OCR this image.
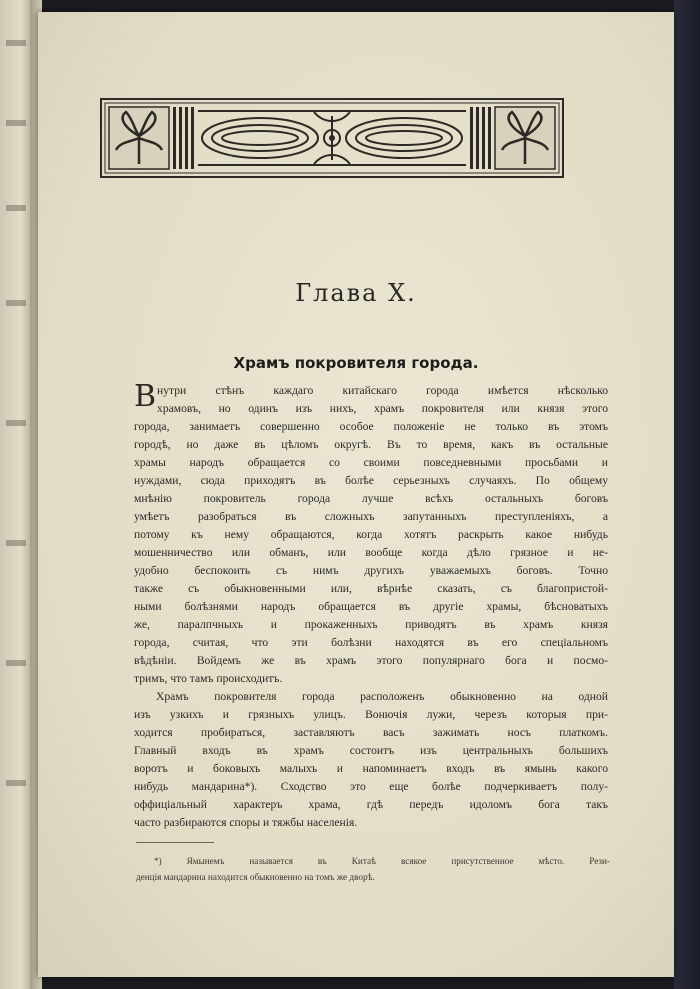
Глава X.
Храмъ покровителя города.
В нутри стѣнъ каждаго китайскаго города имѣется нѣсколько
храмовъ, но одинъ изъ нихъ, храмъ покровителя или князя этого
города, занимаетъ совершенно особое положеніе не только въ этомъ
городѣ, но даже въ цѣломъ округѣ. Въ то время, какъ въ остальные
храмы народъ обращается со своими повседневными просьбами и
нуждами, сюда приходятъ въ болѣе серьезныхъ случаяхъ. По общему
мнѣнію покровитель города лучше всѣхъ остальныхъ боговъ
умѣетъ разобраться въ сложныхъ запутанныхъ преступленіяхъ, а
потому къ нему обращаются, когда хотятъ раскрыть какое нибудь
мошенничество или обманъ, или вообще когда дѣло грязное и не-
удобно беспокоить съ нимъ другихъ уважаемыхъ боговъ. Точно
также съ обыкновенными или, вѣрнѣе сказать, съ благопристой-
ными болѣзнями народъ обращается въ другіе храмы, бѣсноватыхъ
же, паралпчныхъ и прокаженныхъ приводятъ въ храмъ князя
города, считая, что эти болѣзни находятся въ его спеціальномъ
вѣдѣніи. Войдемъ же въ храмъ этого популярнаго бога и посмо-
тримъ, что тамъ происходитъ.
Храмъ покровителя города расположенъ обыкновенно на одной
изъ узкихъ и грязныхъ улицъ. Вонючія лужи, черезъ которыя при-
ходится пробираться, заставляютъ васъ зажимать носъ платкомъ.
Главный входъ въ храмъ состоитъ изъ центральныхъ большихъ
воротъ и боковыхъ малыхъ и напоминаетъ входъ въ ямынь какого
нибудь мандарина*). Сходство это еще болѣе подчеркиваетъ полу-
оффиціальный характеръ храма, гдѣ передъ идоломъ бога такъ
часто разбираются споры и тяжбы населенія.
*) Ямынемъ называется въ Китаѣ всякое присутственное мѣсто. Рези-
денція мандарина находится обыкновенно на томъ же дворѣ.
